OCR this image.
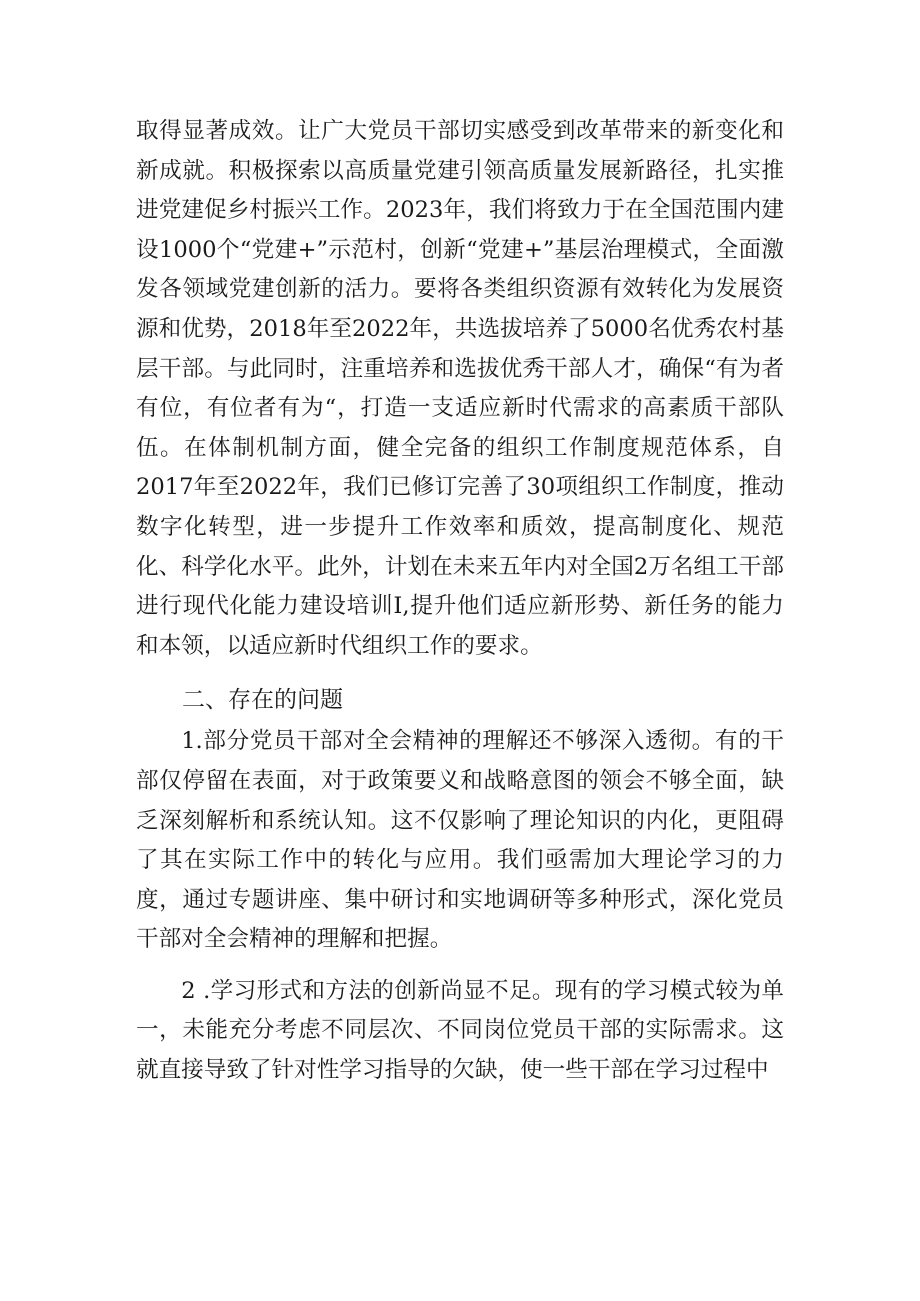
取得显著成效。让广大党员干部切实感受到改革带来的新变化和新成就。积极探索以高质量党建引领高质量发展新路径，扎实推进党建促乡村振兴工作。2023年，我们将致力于在全国范围内建设1000个“党建+”示范村，创新“党建+”基层治理模式，全面激发各领域党建创新的活力。要将各类组织资源有效转化为发展资源和优势，2018年至2022年，共选拔培养了5000名优秀农村基层干部。与此同时，注重培养和选拔优秀干部人才，确保“有为者有位，有位者有为“，打造一支适应新时代需求的高素质干部队伍。在体制机制方面，健全完备的组织工作制度规范体系，自2017年至2022年，我们已修订完善了30项组织工作制度，推动数字化转型，进一步提升工作效率和质效，提高制度化、规范化、科学化水平。此外，计划在未来五年内对全国2万名组工干部进行现代化能力建设培训I,提升他们适应新形势、新任务的能力和本领，以适应新时代组织工作的要求。

二、存在的问题

1.部分党员干部对全会精神的理解还不够深入透彻。有的干部仅停留在表面，对于政策要义和战略意图的领会不够全面，缺乏深刻解析和系统认知。这不仅影响了理论知识的内化，更阻碍了其在实际工作中的转化与应用。我们亟需加大理论学习的力度，通过专题讲座、集中研讨和实地调研等多种形式，深化党员干部对全会精神的理解和把握。

2 .学习形式和方法的创新尚显不足。现有的学习模式较为单一，未能充分考虑不同层次、不同岗位党员干部的实际需求。这就直接导致了针对性学习指导的欠缺，使一些干部在学习过程中
